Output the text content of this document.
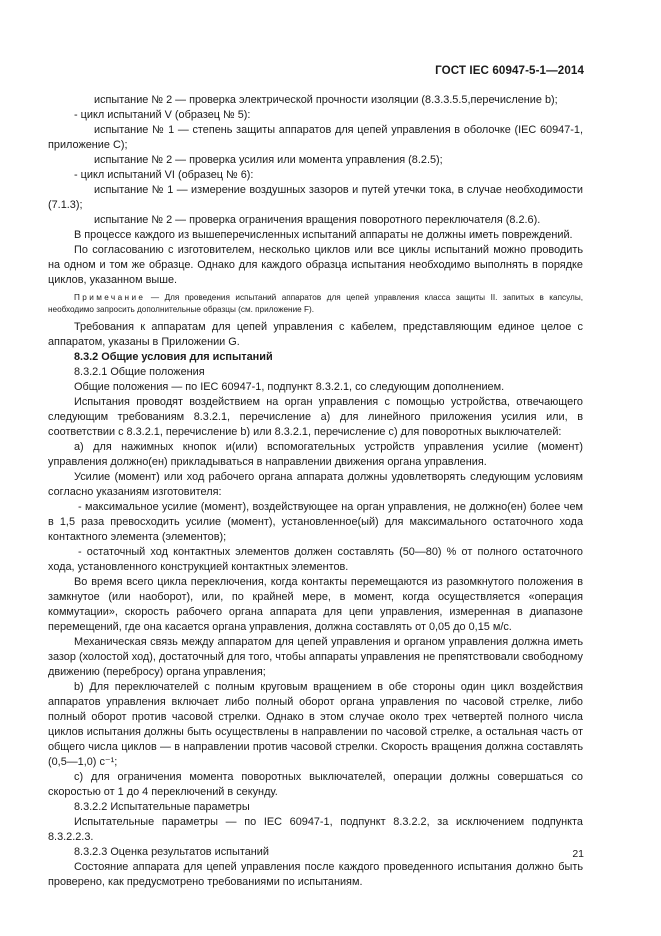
ГОСТ IEC 60947-5-1—2014

испытание № 2 — проверка электрической прочности изоляции (8.3.3.5.5,перечисление b);

- цикл испытаний V (образец № 5):

испытание № 1 — степень защиты аппаратов для цепей управления в оболочке (IEC 60947-1, приложение С);

испытание № 2 — проверка усилия или момента управления (8.2.5);

- цикл испытаний VI (образец № 6):

испытание № 1 — измерение воздушных зазоров и путей утечки тока, в случае необходимости (7.1.3);

испытание № 2 — проверка ограничения вращения поворотного переключателя (8.2.6).

В процессе каждого из вышеперечисленных испытаний аппараты не должны иметь повреждений.

По согласованию с изготовителем, несколько циклов или все циклы испытаний можно проводить на одном и том же образце. Однако для каждого образца испытания необходимо выполнять в порядке циклов, указанном выше.

Примечание — Для проведения испытаний аппаратов для цепей управления класса защиты II. запитых в капсулы, необходимо запросить дополнительные образцы (см. приложение F).

Требования к аппаратам для цепей управления с кабелем, представляющим единое целое с аппаратом, указаны в Приложении G.

8.3.2 Общие условия для испытаний

8.3.2.1 Общие положения

Общие положения — по IEC 60947-1, подпункт 8.3.2.1, со следующим дополнением.

Испытания проводят воздействием на орган управления с помощью устройства, отвечающего следующим требованиям 8.3.2.1, перечисление а) для линейного приложения усилия или, в соответствии с 8.3.2.1, перечисление b) или 8.3.2.1, перечисление с) для поворотных выключателей:

а) для нажимных кнопок и(или) вспомогательных устройств управления усилие (момент) управления должно(ен) прикладываться в направлении движения органа управления.

Усилие (момент) или ход рабочего органа аппарата должны удовлетворять следующим условиям согласно указаниям изготовителя:

- максимальное усилие (момент), воздействующее на орган управления, не должно(ен) более чем в 1,5 раза превосходить усилие (момент), установленное(ый) для максимального остаточного хода контактного элемента (элементов);

- остаточный ход контактных элементов должен составлять (50—80) % от полного остаточного хода, установленного конструкцией контактных элементов.

Во время всего цикла переключения, когда контакты перемещаются из разомкнутого положения в замкнутое (или наоборот), или, по крайней мере, в момент, когда осуществляется «операция коммутации», скорость рабочего органа аппарата для цепи управления, измеренная в диапазоне перемещений, где она касается органа управления, должна составлять от 0,05 до 0,15 м/с.

Механическая связь между аппаратом для цепей управления и органом управления должна иметь зазор (холостой ход), достаточный для того, чтобы аппараты управления не препятствовали свободному движению (перебросу) органа управления;

b) Для переключателей с полным круговым вращением в обе стороны один цикл воздействия аппаратов управления включает либо полный оборот органа управления по часовой стрелке, либо полный оборот против часовой стрелки. Однако в этом случае около трех четвертей полного числа циклов испытания должны быть осуществлены в направлении по часовой стрелке, а остальная часть от общего числа циклов — в направлении против часовой стрелки. Скорость вращения должна составлять (0,5—1,0) с⁻¹;

с) для ограничения момента поворотных выключателей, операции должны совершаться со скоростью от 1 до 4 переключений в секунду.

8.3.2.2 Испытательные параметры

Испытательные параметры — по IEC 60947-1, подпункт 8.3.2.2, за исключением подпункта 8.3.2.2.3.

8.3.2.3 Оценка результатов испытаний

Состояние аппарата для цепей управления после каждого проведенного испытания должно быть проверено, как предусмотрено требованиями по испытаниям.

21
